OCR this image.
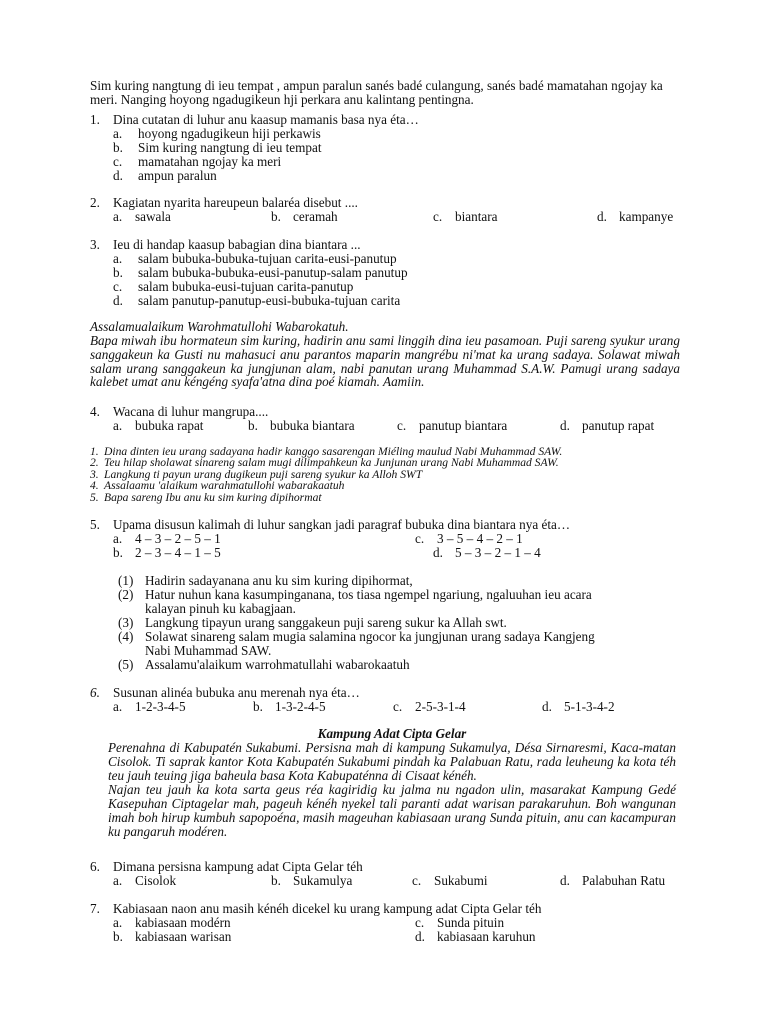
Sim kuring nangtung di ieu tempat , ampun paralun sanés badé culangung, sanés badé mamatahan ngojay ka meri. Nanging hoyong ngadugikeun hji perkara anu kalintang pentingna.

1. Dina cutatan di luhur anu kaasup mamanis basa nya éta…
a. hoyong ngadugikeun hiji perkawis
b. Sim kuring nangtung di ieu tempat
c. mamatahan ngojay ka meri
d. ampun paralun
2. Kagiatan nyarita hareupeun balaréa disebut ....
a. sawala	b. ceramah	c. biantara	d. kampanye
3. Ieu di handap kaasup babagian dina biantara ...
a. salam bubuka-bubuka-tujuan carita-eusi-panutup
b. salam bubuka-bubuka-eusi-panutup-salam panutup
c. salam bubuka-eusi-tujuan carita-panutup
d. salam panutup-panutup-eusi-bubuka-tujuan carita

Assalamualaikum Warohmatullohi Wabarokatuh.

Bapa miwah ibu hormateun sim kuring, hadirin anu sami linggih dina ieu pasamoan. Puji sareng syukur urang sanggakeun ka Gusti nu mahasuci anu parantos maparin mangrébu ni'mat ka urang sadaya. Solawat miwah salam urang sanggakeun ka jungjunan alam, nabi panutan urang Muhammad S.A.W. Pamugi urang sadaya kalebet umat anu kéngéng syafa'atna dina poé kiamah. Aamiin.

4. Wacana di luhur mangrupa....
a. bubuka rapat	b. bubuka biantara	c. panutup biantara	d. panutup rapat
1. Dina dinten ieu urang sadayana hadir kanggo sasarengan Miéling maulud Nabi Muhammad SAW.
2. Teu hilap sholawat sinareng salam mugi dilimpahkeun ka Junjunan urang Nabi Muhammad SAW.
3. Langkung ti payun urang dugikeun puji sareng syukur ka Alloh SWT
4. Assalaamu 'alaikum warahmatullohi wabarakaatuh
5. Bapa sareng Ibu anu ku sim kuring dipihormat
5. Upama disusun kalimah di luhur sangkan jadi paragraf bubuka dina biantara nya éta…
a. 4 – 3 – 2 – 5 – 1	c. 3 – 5 – 4 – 2 – 1
b. 2 – 3 – 4 – 1 – 5	d. 5 – 3 – 2 – 1 – 4
(1) Hadirin sadayanana anu ku sim kuring dipihormat,
(2) Hatur nuhun kana kasumpinganana, tos tiasa ngempel ngariung, ngaluuhan ieu acara
kalayan pinuh ku kabagjaan.
(3) Langkung tipayun urang sanggakeun puji sareng sukur ka Allah swt.
(4) Solawat sinareng salam mugia salamina ngocor ka jungjunan urang sadaya Kangjeng
Nabi Muhammad SAW.
(5) Assalamu'alaikum warrohmatullahi wabarokaatuh
6. Susunan alinéa bubuka anu merenah nya éta…
a. 1-2-3-4-5	b. 1-3-2-4-5	c. 2-5-3-1-4	d. 5-1-3-4-2

Kampung Adat Cipta Gelar

Perenahna di Kabupatén Sukabumi. Persisna mah di kampung Sukamulya, Désa Sirnaresmi, Kaca-matan Cisolok. Ti saprak kantor Kota Kabupatén Sukabumi pindah ka Palabuan Ratu, rada leuheung ka kota téh teu jauh teuing jiga baheula basa Kota Kabupaténna di Cisaat kénéh.

Najan teu jauh ka kota sarta geus réa kagiridig ku jalma nu ngadon ulin, masarakat Kampung Gedé Kasepuhan Ciptagelar mah, pageuh kénéh nyekel tali paranti adat warisan parakaruhun. Boh wangunan imah boh hirup kumbuh sapopoéna, masih mageuhan kabiasaan urang Sunda pituin, anu can kacampuran ku pangaruh modéren.

6. Dimana persisna kampung adat Cipta Gelar téh
a. Cisolok	b. Sukamulya	c. Sukabumi	d. Palabuhan Ratu
7. Kabiasaan naon anu masih kénéh dicekel ku urang kampung adat Cipta Gelar téh
a. kabiasaan modérn	c. Sunda pituin
b. kabiasaan warisan	d. kabiasaan karuhun
